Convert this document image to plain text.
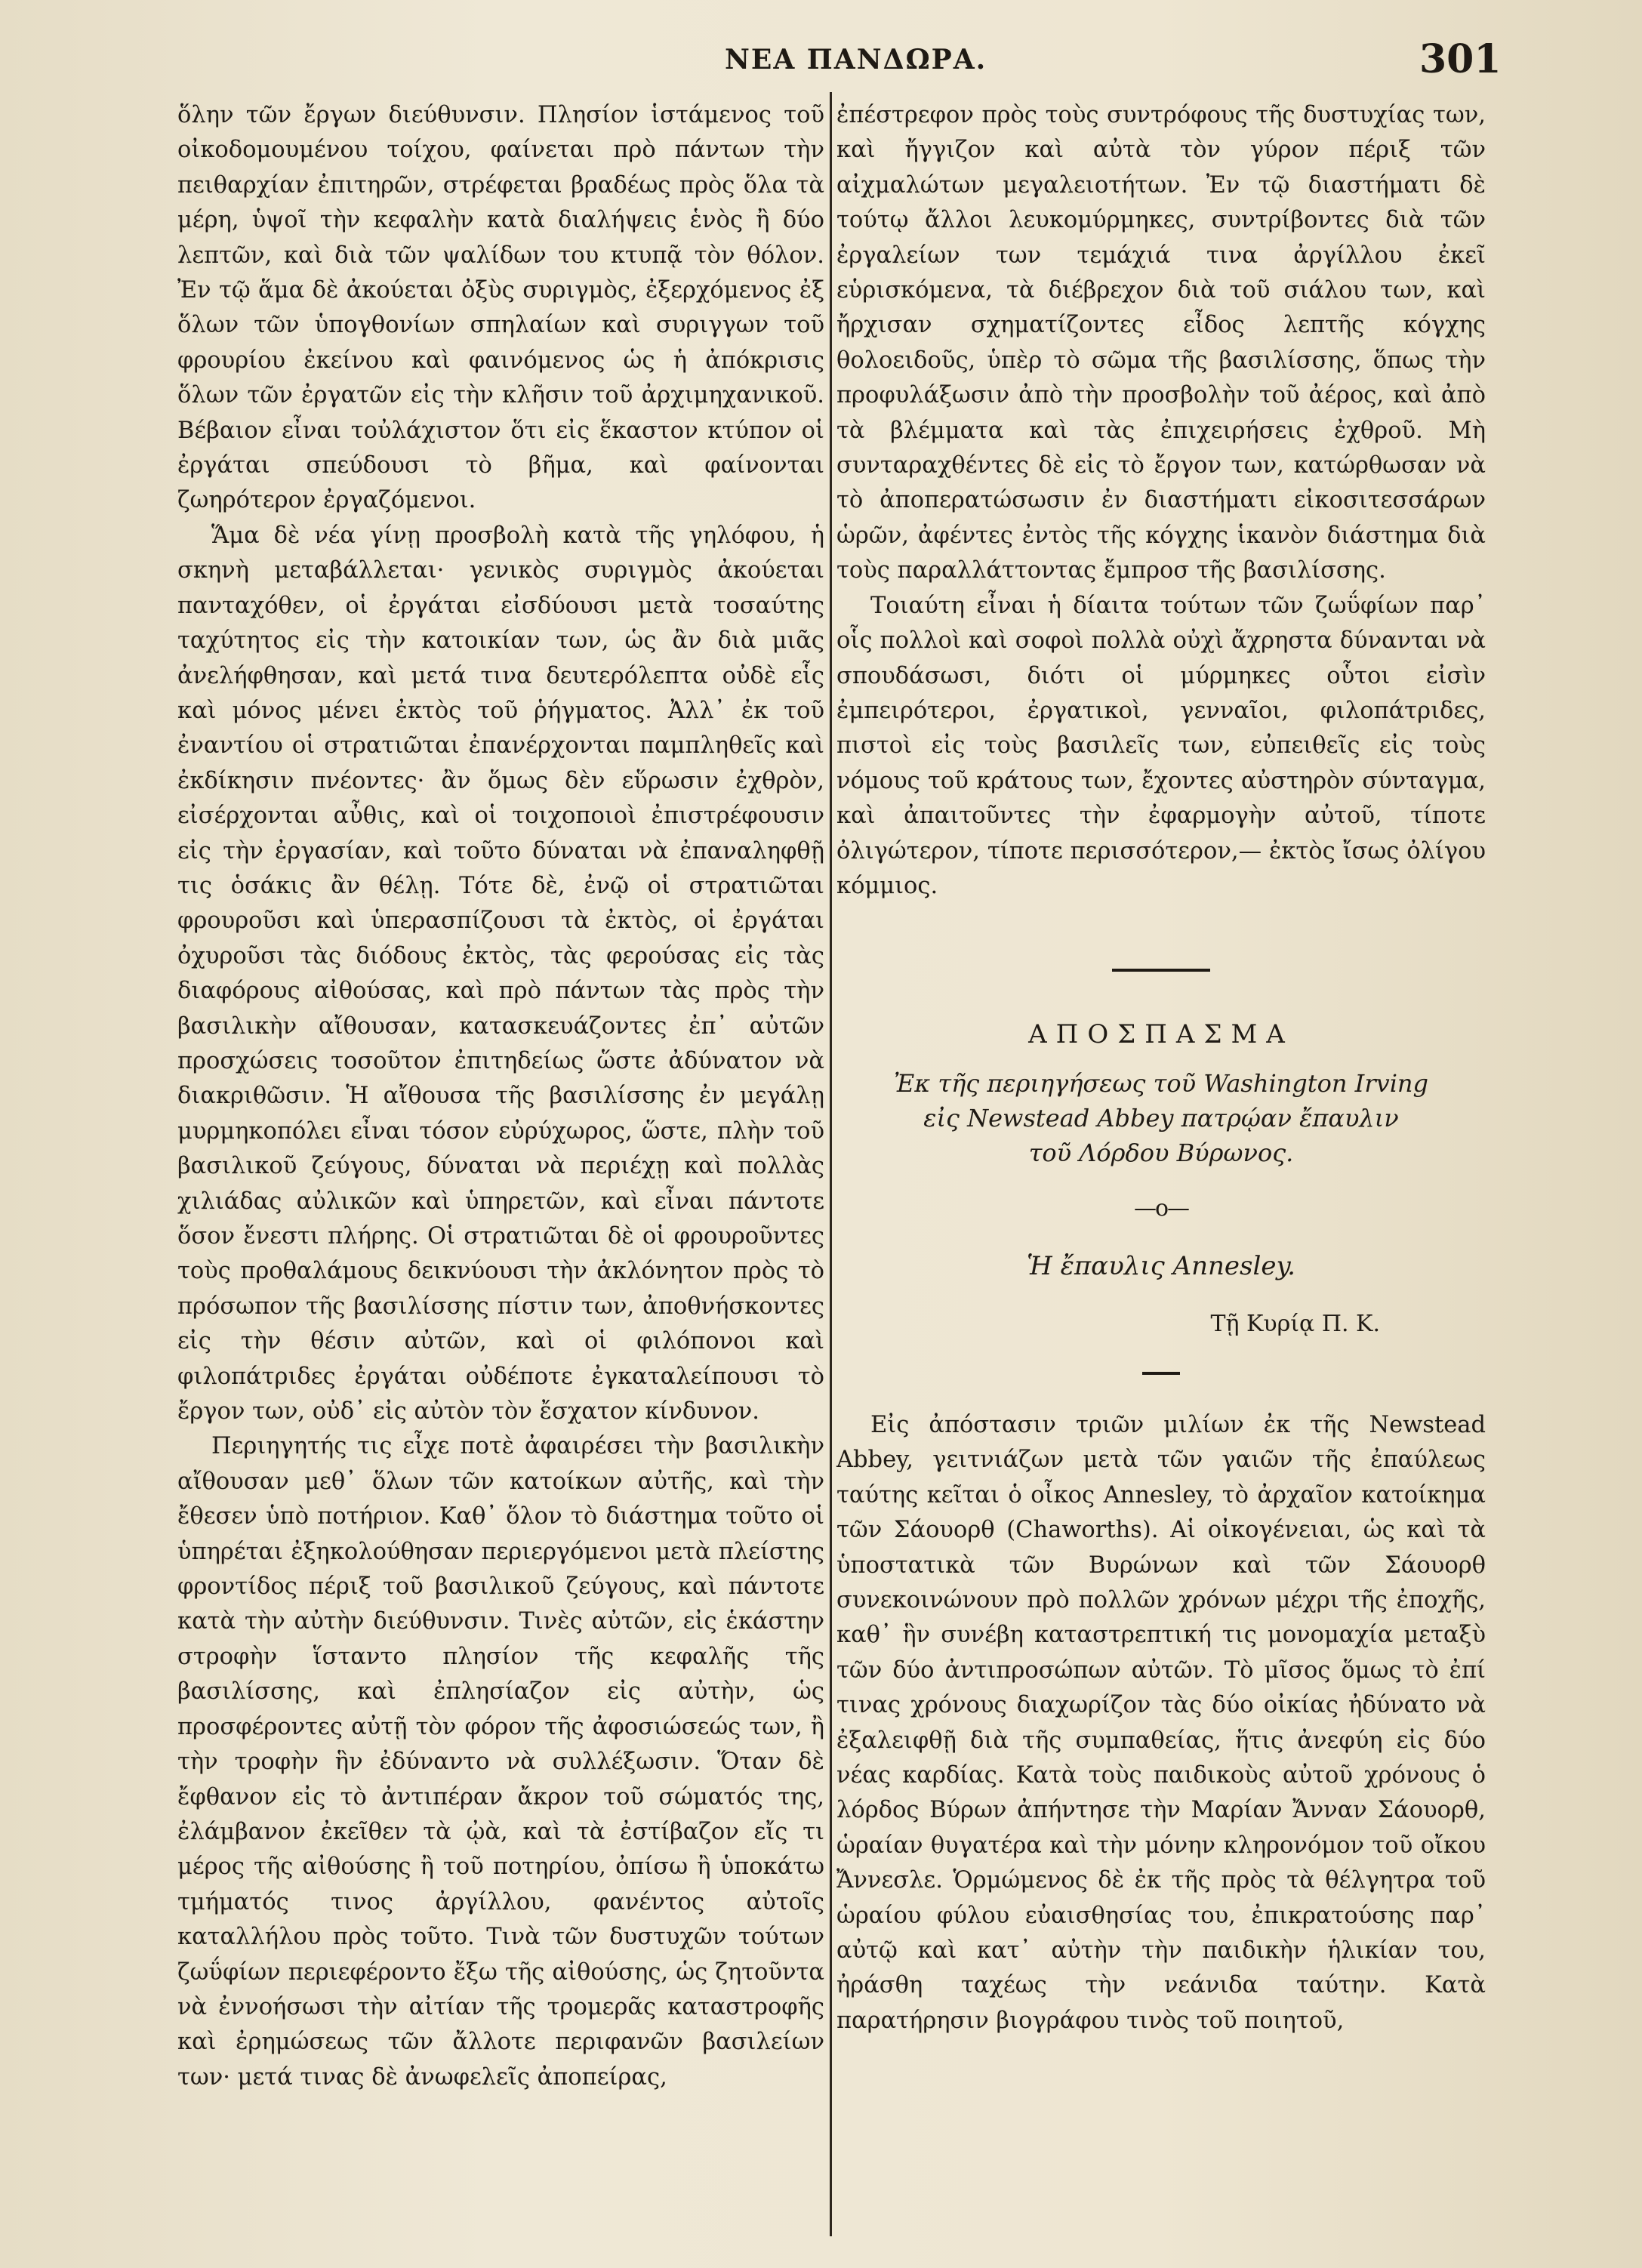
ΝΕΑ ΠΑΝΔΩΡΑ.	301

ὅλην τῶν ἔργων διεύθυνσιν. Πλησίον ἱστάμενος τοῦ οἰκοδομουμένου τοίχου, φαίνεται πρὸ πάντων τὴν πειθαρχίαν ἐπιτηρῶν, στρέφεται βραδέως πρὸς ὅλα τὰ μέρη, ὑψοῖ τὴν κεφαλὴν κατὰ διαλήψεις ἑνὸς ἢ δύο λεπτῶν, καὶ διὰ τῶν ψαλίδων του κτυπᾷ τὸν θόλον. Ἐν τῷ ἅμα δὲ ἀκούεται ὀξὺς συριγμὸς, ἐξερχόμενος ἐξ ὅλων τῶν ὑπογθονίων σπηλαίων καὶ συριγγων τοῦ φρουρίου ἐκείνου καὶ φαινόμενος ὡς ἡ ἀπόκρισις ὅλων τῶν ἐργατῶν εἰς τὴν κλῆσιν τοῦ ἀρχιμηχανικοῦ. Βέβαιον εἶναι τοὐλάχιστον ὅτι εἰς ἕκαστον κτύπον οἱ ἐργάται σπεύδουσι τὸ βῆμα, καὶ φαίνονται ζωηρότερον ἐργαζόμενοι.

Ἅμα δὲ νέα γίνῃ προσβολὴ κατὰ τῆς γηλόφου, ἡ σκηνὴ μεταβάλλεται· γενικὸς συριγμὸς ἀκούεται πανταχόθεν, οἱ ἐργάται εἰσδύουσι μετὰ τοσαύτης ταχύτητος εἰς τὴν κατοικίαν των, ὡς ἂν διὰ μιᾶς ἀνελήφθησαν, καὶ μετά τινα δευτερόλεπτα οὐδὲ εἷς καὶ μόνος μένει ἐκτὸς τοῦ ῥήγματος. Ἀλλ᾽ ἐκ τοῦ ἐναντίου οἱ στρατιῶται ἐπανέρχονται παμπληθεῖς καὶ ἐκδίκησιν πνέοντες· ἂν ὅμως δὲν εὕρωσιν ἐχθρὸν, εἰσέρχονται αὖθις, καὶ οἱ τοιχοποιοὶ ἐπιστρέφουσιν εἰς τὴν ἐργασίαν, καὶ τοῦτο δύναται νὰ ἐπαναληφθῇ τις ὁσάκις ἂν θέλῃ. Τότε δὲ, ἐνῷ οἱ στρατιῶται φρουροῦσι καὶ ὑπερασπίζουσι τὰ ἐκτὸς, οἱ ἐργάται ὀχυροῦσι τὰς διόδους ἐκτὸς, τὰς φερούσας εἰς τὰς διαφόρους αἰθούσας, καὶ πρὸ πάντων τὰς πρὸς τὴν βασιλικὴν αἴθουσαν, κατασκευάζοντες ἐπ᾽ αὐτῶν προσχώσεις τοσοῦτον ἐπιτηδείως ὥστε ἀδύνατον νὰ διακριθῶσιν. Ἡ αἴθουσα τῆς βασιλίσσης ἐν μεγάλῃ μυρμηκοπόλει εἶναι τόσον εὐρύχωρος, ὥστε, πλὴν τοῦ βασιλικοῦ ζεύγους, δύναται νὰ περιέχῃ καὶ πολλὰς χιλιάδας αὐλικῶν καὶ ὑπηρετῶν, καὶ εἶναι πάντοτε ὅσον ἔνεστι πλήρης. Οἱ στρατιῶται δὲ οἱ φρουροῦντες τοὺς προθαλάμους δεικνύουσι τὴν ἀκλόνητον πρὸς τὸ πρόσωπον τῆς βασιλίσσης πίστιν των, ἀποθνήσκοντες εἰς τὴν θέσιν αὐτῶν, καὶ οἱ φιλόπονοι καὶ φιλοπάτριδες ἐργάται οὐδέποτε ἐγκαταλείπουσι τὸ ἔργον των, οὐδ᾽ εἰς αὐτὸν τὸν ἔσχατον κίνδυνον.

Περιηγητής τις εἶχε ποτὲ ἀφαιρέσει τὴν βασιλικὴν αἴθουσαν μεθ᾽ ὅλων τῶν κατοίκων αὐτῆς, καὶ τὴν ἔθεσεν ὑπὸ ποτήριον. Καθ᾽ ὅλον τὸ διάστημα τοῦτο οἱ ὑπηρέται ἐξηκολούθησαν περιεργόμενοι μετὰ πλείστης φροντίδος πέριξ τοῦ βασιλικοῦ ζεύγους, καὶ πάντοτε κατὰ τὴν αὐτὴν διεύθυνσιν. Τινὲς αὐτῶν, εἰς ἑκάστην στροφὴν ἵσταντο πλησίον τῆς κεφαλῆς τῆς βασιλίσσης, καὶ ἐπλησίαζον εἰς αὐτὴν, ὡς προσφέροντες αὐτῇ τὸν φόρον τῆς ἀφοσιώσεώς των, ἢ τὴν τροφὴν ἣν ἐδύναντο νὰ συλλέξωσιν. Ὅταν δὲ ἔφθανον εἰς τὸ ἀντιπέραν ἄκρον τοῦ σώματός της, ἐλάμβανον ἐκεῖθεν τὰ ᾠὰ, καὶ τὰ ἐστίβαζον εἴς τι μέρος τῆς αἰθούσης ἢ τοῦ ποτηρίου, ὀπίσω ἢ ὑποκάτω τμήματός τινος ἀργίλλου, φανέντος αὐτοῖς καταλλήλου πρὸς τοῦτο. Τινὰ τῶν δυστυχῶν τούτων ζωΰφίων περιεφέροντο ἔξω τῆς αἰθούσης, ὡς ζητοῦντα νὰ ἐννοήσωσι τὴν αἰτίαν τῆς τρομερᾶς καταστροφῆς καὶ ἐρημώσεως τῶν ἄλλοτε περιφανῶν βασιλείων των· μετά τινας δὲ ἀνωφελεῖς ἀποπείρας,

ἐπέστρεφον πρὸς τοὺς συντρόφους τῆς δυστυχίας των, καὶ ἤγγιζον καὶ αὐτὰ τὸν γύρον πέριξ τῶν αἰχμαλώτων μεγαλειοτήτων. Ἐν τῷ διαστήματι δὲ τούτῳ ἄλλοι λευκομύρμηκες, συντρίβοντες διὰ τῶν ἐργαλείων των τεμάχιά τινα ἀργίλλου ἐκεῖ εὑρισκόμενα, τὰ διέβρεχον διὰ τοῦ σιάλου των, καὶ ἤρχισαν σχηματίζοντες εἶδος λεπτῆς κόγχης θολοειδοῦς, ὑπὲρ τὸ σῶμα τῆς βασιλίσσης, ὅπως τὴν προφυλάξωσιν ἀπὸ τὴν προσβολὴν τοῦ ἀέρος, καὶ ἀπὸ τὰ βλέμματα καὶ τὰς ἐπιχειρήσεις ἐχθροῦ. Μὴ συνταραχθέντες δὲ εἰς τὸ ἔργον των, κατώρθωσαν νὰ τὸ ἀποπερατώσωσιν ἐν διαστήματι εἰκοσιτεσσάρων ὡρῶν, ἀφέντες ἐντὸς τῆς κόγχης ἱκανὸν διάστημα διὰ τοὺς παραλλάττοντας ἔμπροσ τῆς βασιλίσσης.

Τοιαύτη εἶναι ἡ δίαιτα τούτων τῶν ζωΰφίων παρ᾽ οἷς πολλοὶ καὶ σοφοὶ πολλὰ οὐχὶ ἄχρηστα δύνανται νὰ σπουδάσωσι, διότι οἱ μύρμηκες οὗτοι εἰσὶν ἐμπειρότεροι, ἐργατικοὶ, γενναῖοι, φιλοπάτριδες, πιστοὶ εἰς τοὺς βασιλεῖς των, εὐπειθεῖς εἰς τοὺς νόμους τοῦ κράτους των, ἔχοντες αὐστηρὸν σύνταγμα, καὶ ἀπαιτοῦντες τὴν ἐφαρμογὴν αὐτοῦ, τίποτε ὀλιγώτερον, τίποτε περισσότερον,— ἐκτὸς ἴσως ὀλίγου κόμμιος.

ΑΠΟΣΠΑΣΜΑ
Ἐκ τῆς περιηγήσεως τοῦ Washington Irving
εἰς Newstead Abbey πατρῴαν ἔπαυλιν
τοῦ Λόρδου Βύρωνος.
—o—
Ἡ ἔπαυλις Annesley.
Τῇ Κυρίᾳ Π. Κ.

Εἰς ἀπόστασιν τριῶν μιλίων ἐκ τῆς Newstead Abbey, γειτνιάζων μετὰ τῶν γαιῶν τῆς ἐπαύλεως ταύτης κεῖται ὁ οἶκος Annesley, τὸ ἀρχαῖον κατοίκημα τῶν Σάουορθ (Chaworths). Αἱ οἰκογένειαι, ὡς καὶ τὰ ὑποστατικὰ τῶν Βυρώνων καὶ τῶν Σάουορθ συνεκοινώνουν πρὸ πολλῶν χρόνων μέχρι τῆς ἐποχῆς, καθ᾽ ἣν συνέβη καταστρεπτική τις μονομαχία μεταξὺ τῶν δύο ἀντιπροσώπων αὐτῶν. Τὸ μῖσος ὅμως τὸ ἐπί τινας χρόνους διαχωρίζον τὰς δύο οἰκίας ἠδύνατο νὰ ἐξαλειφθῇ διὰ τῆς συμπαθείας, ἥτις ἀνεφύη εἰς δύο νέας καρδίας. Κατὰ τοὺς παιδικοὺς αὐτοῦ χρόνους ὁ λόρδος Βύρων ἀπήντησε τὴν Μαρίαν Ἄνναν Σάουορθ, ὡραίαν θυγατέρα καὶ τὴν μόνην κληρονόμον τοῦ οἴκου Ἄννεσλε. Ὁρμώμενος δὲ ἐκ τῆς πρὸς τὰ θέλγητρα τοῦ ὡραίου φύλου εὐαισθησίας του, ἐπικρατούσης παρ᾽ αὐτῷ καὶ κατ᾽ αὐτὴν τὴν παιδικὴν ἡλικίαν του, ἠράσθη ταχέως τὴν νεάνιδα ταύτην. Κατὰ παρατήρησιν βιογράφου τινὸς τοῦ ποιητοῦ,
